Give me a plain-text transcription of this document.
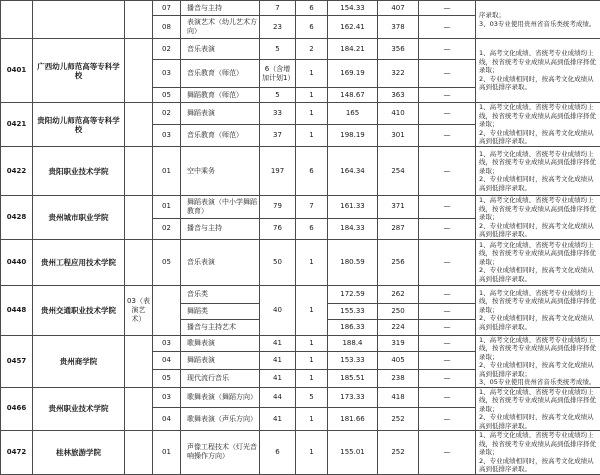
			07	播音与主持	7	6	154.33	407	—	序录取；
3、03专业使用贵州省音乐类统考成绩。
			08	表演艺术（幼儿艺术方向）	23	6	162.41	378	—	
0401	广西幼儿师范高等专科学校		02	音乐表演	5	2	184.21	356	—	1、高考文化成绩、省统考专业成绩均上线，按省统考专业成绩从高到低排序择优录取；
2、专业成绩相同时，按高考文化成绩从高到低排序录取。
			03	音乐教育（师范）	6（含增加计划1）	1	169.19	322	—	
			05	舞蹈教育（师范）	5	1	148.67	363	—	
0421	贵阳幼儿师范高等专科学校		02	舞蹈表演	33	1	165	410	—	1、高考文化成绩、省统考专业成绩均上线，按省统考专业成绩从高到低排序择优录取；
2、专业成绩相同时，按高考文化成绩从高到低排序录取。
			03	音乐教育（师范）	37	1	198.19	301	—	
0422	贵阳职业技术学院		01	空中乘务	197	6	164.34	254	—	1、高考文化成绩、省统考专业成绩均上线，按省统考专业成绩从高到低排序择优录取；
2、专业成绩相同时，按高考文化成绩从高到低排序录取。
0428	贵州城市职业学院		01	舞蹈表演（中小学舞蹈教育）	79	7	161.33	371	—	1、高考文化成绩、省统考专业成绩均上线，按省统考专业成绩从高到低排序择优录取；
2、专业成绩相同时，按高考文化成绩从高到低排序录取。
			02	播音与主持	76	6	184.33	287	—	
0440	贵州工程应用技术学院		05	音乐表演	50	1	180.59	256	—	1、高考文化成绩、省统考专业成绩均上线，按省统考专业成绩从高到低排序择优录取；
2、专业成绩相同时，按高考文化成绩从高到低排序录取。
0448	贵州交通职业技术学院	03（表演艺术）		音乐类	40	1	172.59	262	—	1、高考文化成绩、省统考专业成绩均上线，按省统考专业成绩从高到低排序择优录取；
2、专业成绩相同时，按高考文化成绩从高到低排序录取。
				舞蹈类			155.33	250	—	
				播音与主持艺术			186.33	224	—	
0457	贵州商学院		03	歌舞表演	41	1	188.4	319	—	1、高考文化成绩、省统考专业成绩均上线，按省统考专业成绩从高到低排序择优录取；
2、专业成绩相同时，按高考文化成绩从高到低排序录取；
3、05专业使用贵州省音乐类统考成绩。
			04	舞蹈表演	41	1	153.33	405	—	
			05	现代流行音乐	41	1	185.51	238	—	
0466	贵州职业技术学院		03	歌舞表演（舞蹈方向）	44	5	173.33	418	—	1、高考文化成绩、省统考专业成绩均上线，按省统考专业成绩从高到低排序择优录取；
2、专业成绩相同时，按高考文化成绩从高到低排序录取。
			04	歌舞表演（声乐方向）	41	1	181.66	252	—	
0472	桂林旅游学院		01	声像工程技术（灯光音响操作方向）	6	1	155.01	252	—	1、高考文化成绩、省统考专业成绩均上线，按省统考专业成绩从高到低排序择优录取；
2、专业成绩相同时，按高考文化成绩从高到低排序录取。
